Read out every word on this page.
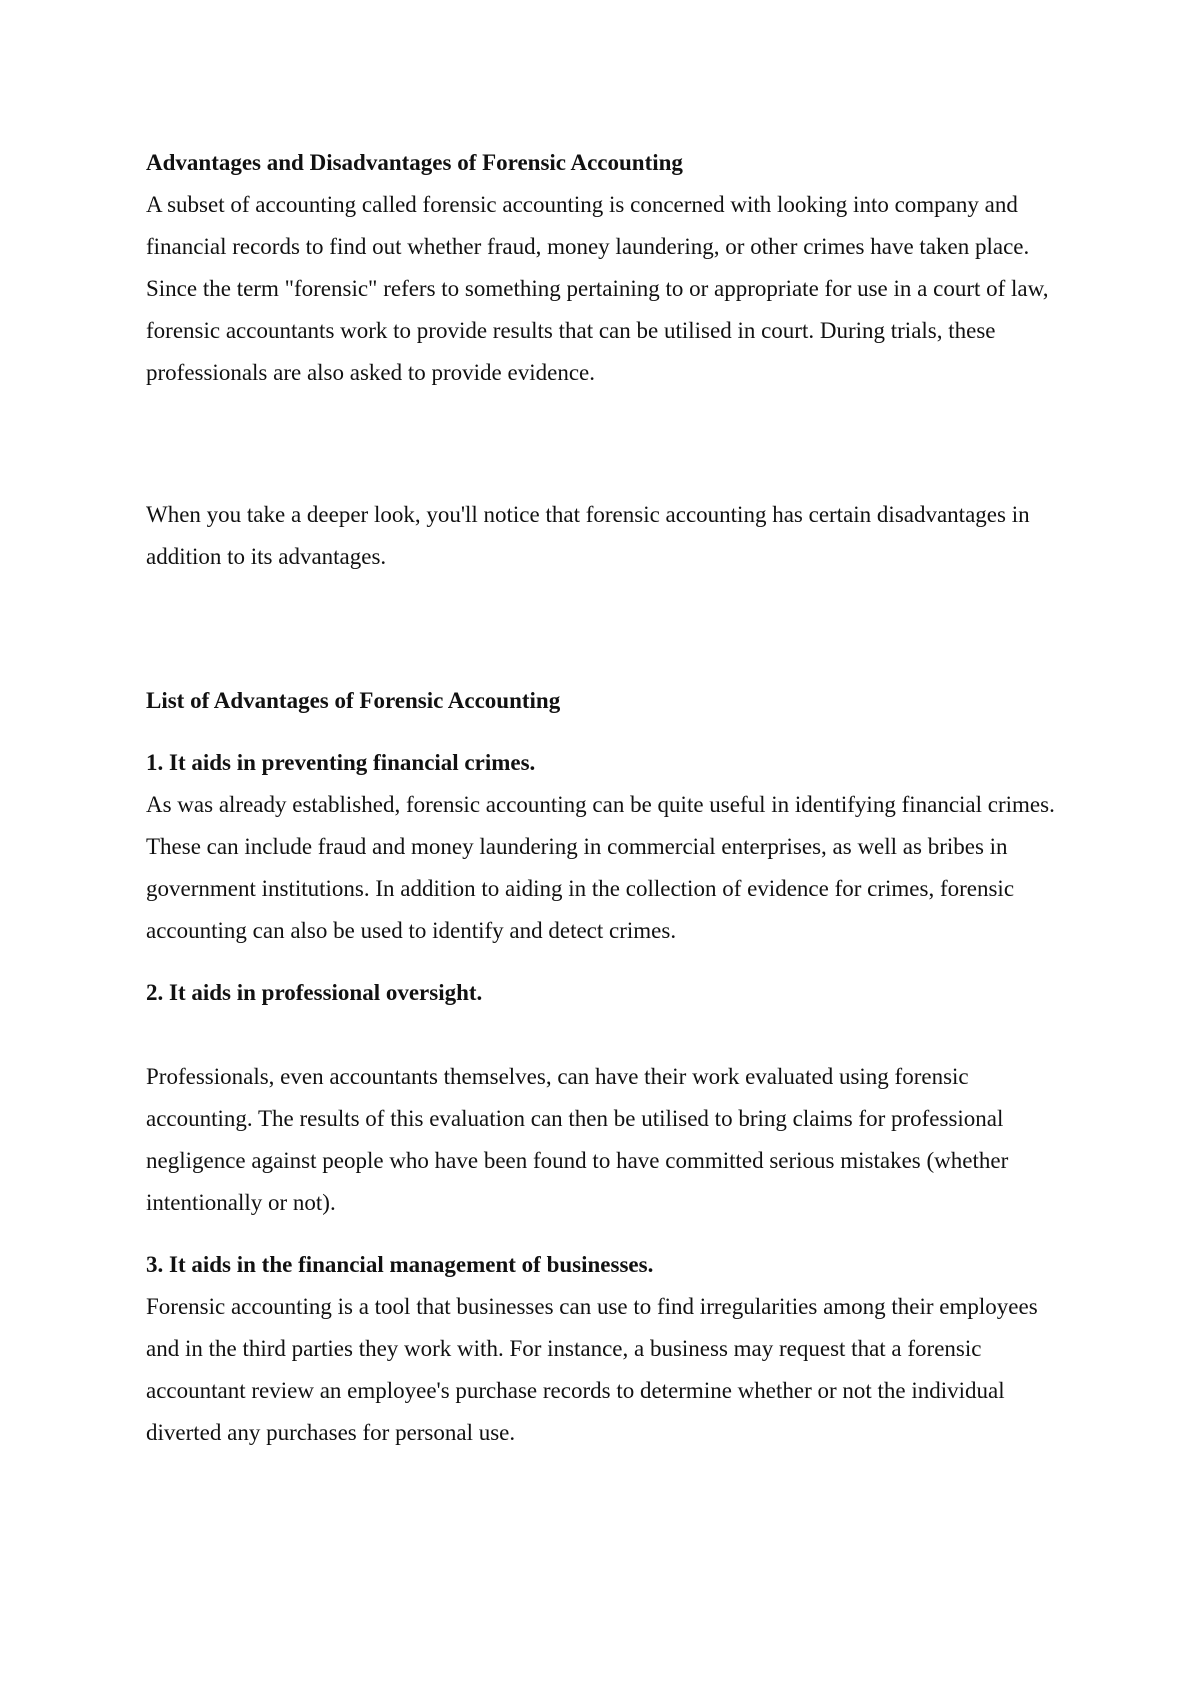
Advantages and Disadvantages of Forensic Accounting

A subset of accounting called forensic accounting is concerned with looking into company and financial records to find out whether fraud, money laundering, or other crimes have taken place. Since the term "forensic" refers to something pertaining to or appropriate for use in a court of law, forensic accountants work to provide results that can be utilised in court. During trials, these professionals are also asked to provide evidence.

When you take a deeper look, you'll notice that forensic accounting has certain disadvantages in addition to its advantages.

List of Advantages of Forensic Accounting

1. It aids in preventing financial crimes.

As was already established, forensic accounting can be quite useful in identifying financial crimes. These can include fraud and money laundering in commercial enterprises, as well as bribes in government institutions. In addition to aiding in the collection of evidence for crimes, forensic accounting can also be used to identify and detect crimes.

2. It aids in professional oversight.

Professionals, even accountants themselves, can have their work evaluated using forensic accounting. The results of this evaluation can then be utilised to bring claims for professional negligence against people who have been found to have committed serious mistakes (whether intentionally or not).

3. It aids in the financial management of businesses.

Forensic accounting is a tool that businesses can use to find irregularities among their employees and in the third parties they work with. For instance, a business may request that a forensic accountant review an employee's purchase records to determine whether or not the individual diverted any purchases for personal use.
